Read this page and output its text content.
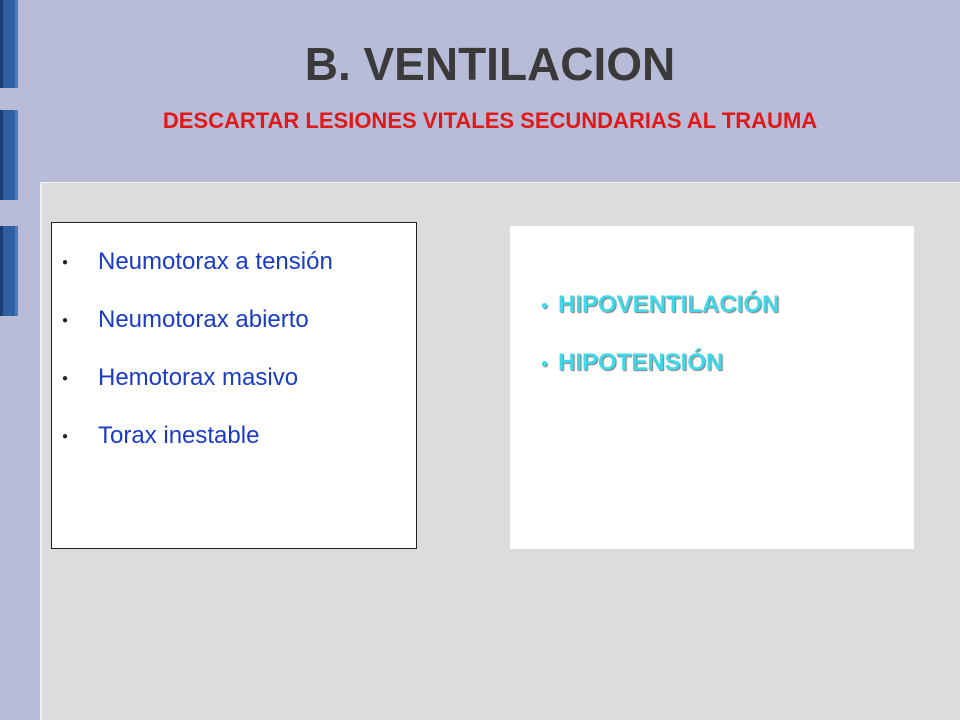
B. VENTILACION
DESCARTAR LESIONES VITALES SECUNDARIAS AL TRAUMA
●	Neumotorax a tensión
●	Neumotorax abierto
●	Hemotorax masivo
●	Torax inestable
● HIPOVENTILACIÓN
● HIPOTENSIÓN
